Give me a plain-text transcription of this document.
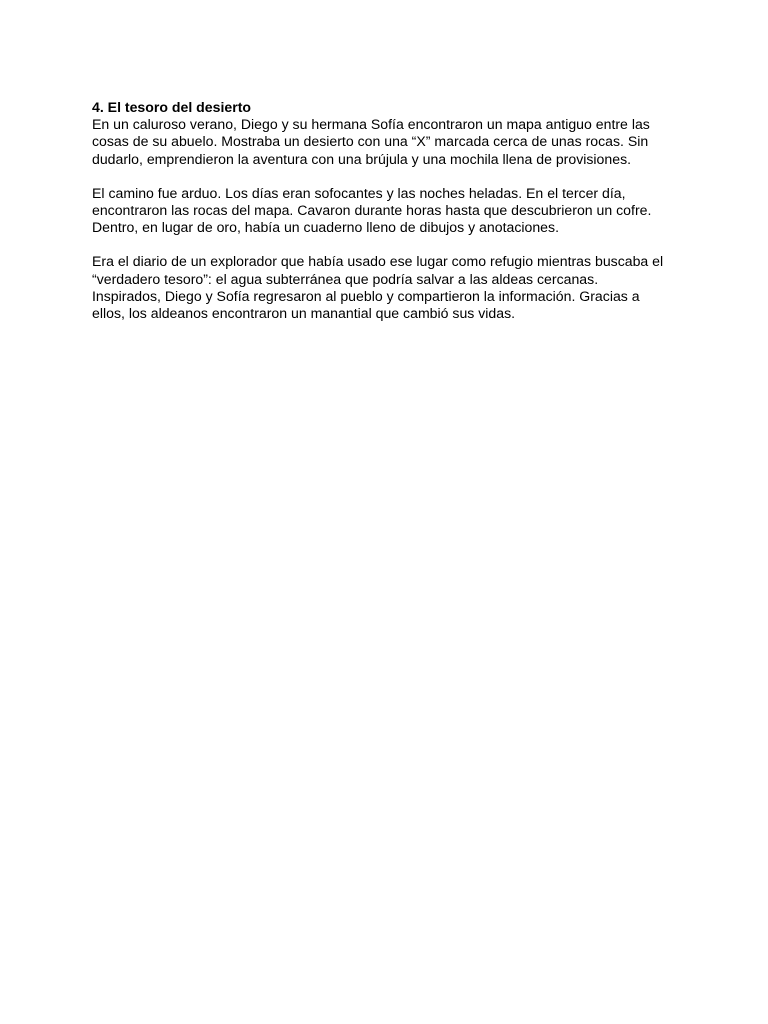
4. El tesoro del desierto
En un caluroso verano, Diego y su hermana Sofía encontraron un mapa antiguo entre las
cosas de su abuelo. Mostraba un desierto con una “X” marcada cerca de unas rocas. Sin
dudarlo, emprendieron la aventura con una brújula y una mochila llena de provisiones.
El camino fue arduo. Los días eran sofocantes y las noches heladas. En el tercer día,
encontraron las rocas del mapa. Cavaron durante horas hasta que descubrieron un cofre.
Dentro, en lugar de oro, había un cuaderno lleno de dibujos y anotaciones.
Era el diario de un explorador que había usado ese lugar como refugio mientras buscaba el
“verdadero tesoro”: el agua subterránea que podría salvar a las aldeas cercanas.
Inspirados, Diego y Sofía regresaron al pueblo y compartieron la información. Gracias a
ellos, los aldeanos encontraron un manantial que cambió sus vidas.
